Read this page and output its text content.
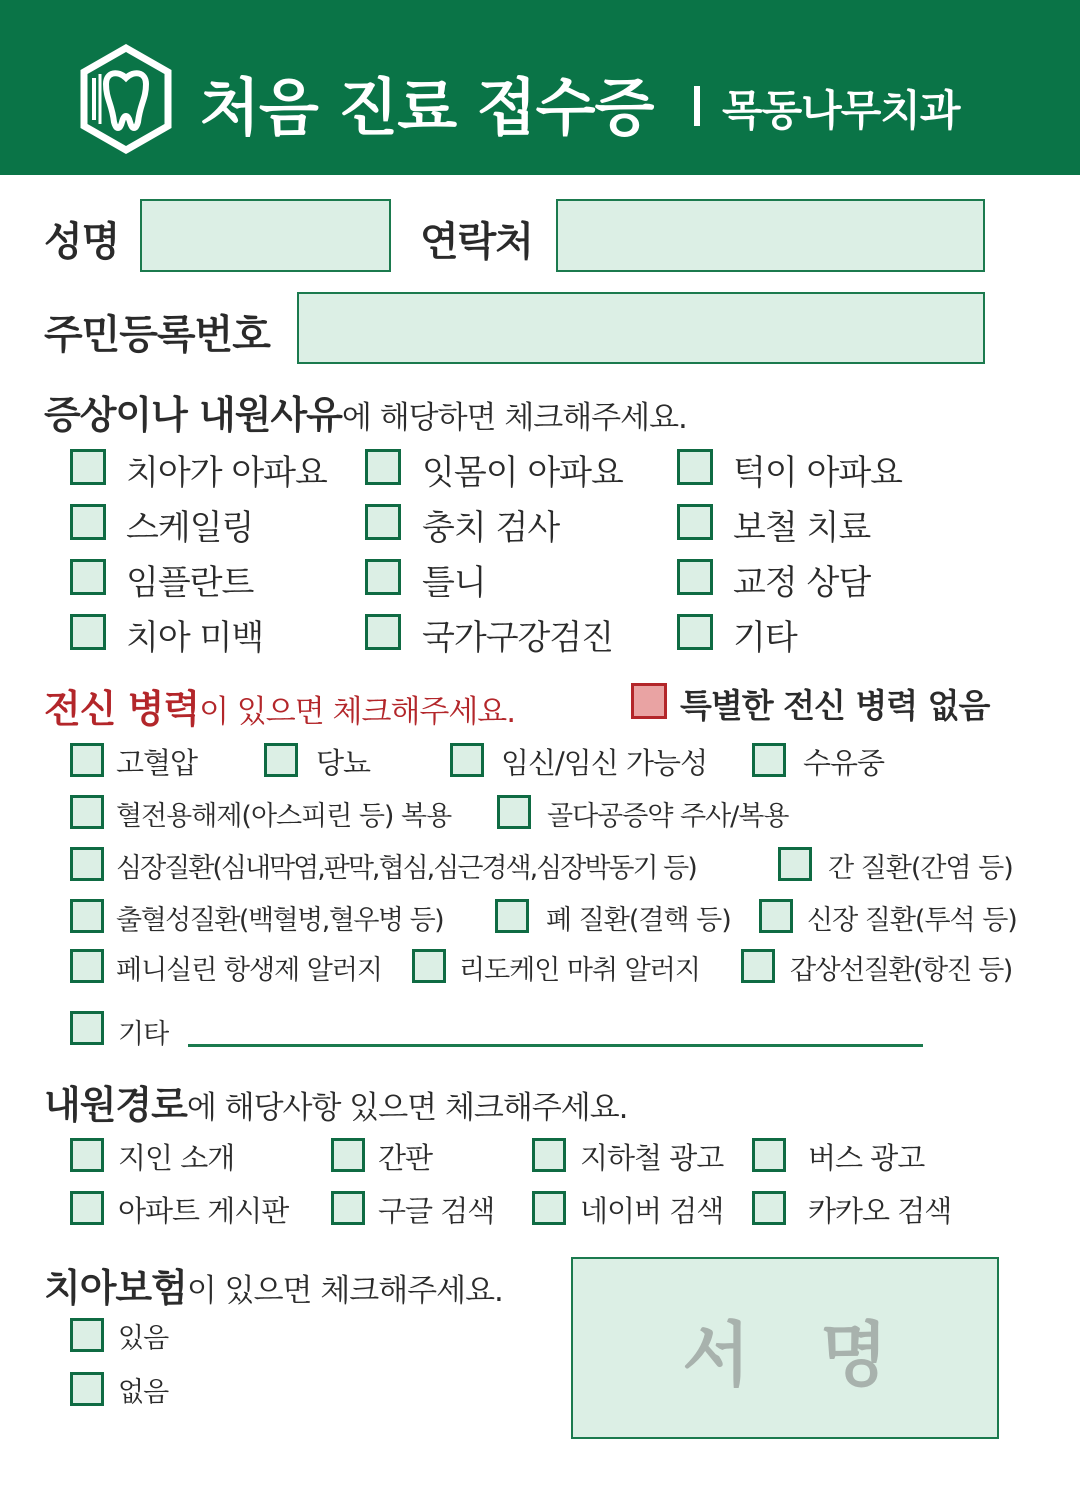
처음 진료 접수증 목동나무치과
성명	연락처
주민등록번호
증상이나 내원사유에 해당하면 체크해주세요.
치아가 아파요	잇몸이 아파요	턱이 아파요
스케일링	충치 검사	보철 치료
임플란트	틀니	교정 상담
치아 미백	국가구강검진	기타
전신 병력이 있으면 체크해주세요.	특별한 전신 병력 없음
고혈압	당뇨	임신/임신 가능성	수유중
혈전용해제(아스피린 등) 복용	골다공증약 주사/복용
심장질환(심내막염,판막,협심,심근경색,심장박동기 등)	간 질환(간염 등)
출혈성질환(백혈병,혈우병 등)	폐 질환(결핵 등)	신장 질환(투석 등)
페니실린 항생제 알러지	리도케인 마취 알러지	갑상선질환(항진 등)
기타
내원경로에 해당사항 있으면 체크해주세요.
지인 소개	간판	지하철 광고	버스 광고
아파트 게시판	구글 검색	네이버 검색	카카오 검색
치아보험이 있으면 체크해주세요.
있음
없음	서명
